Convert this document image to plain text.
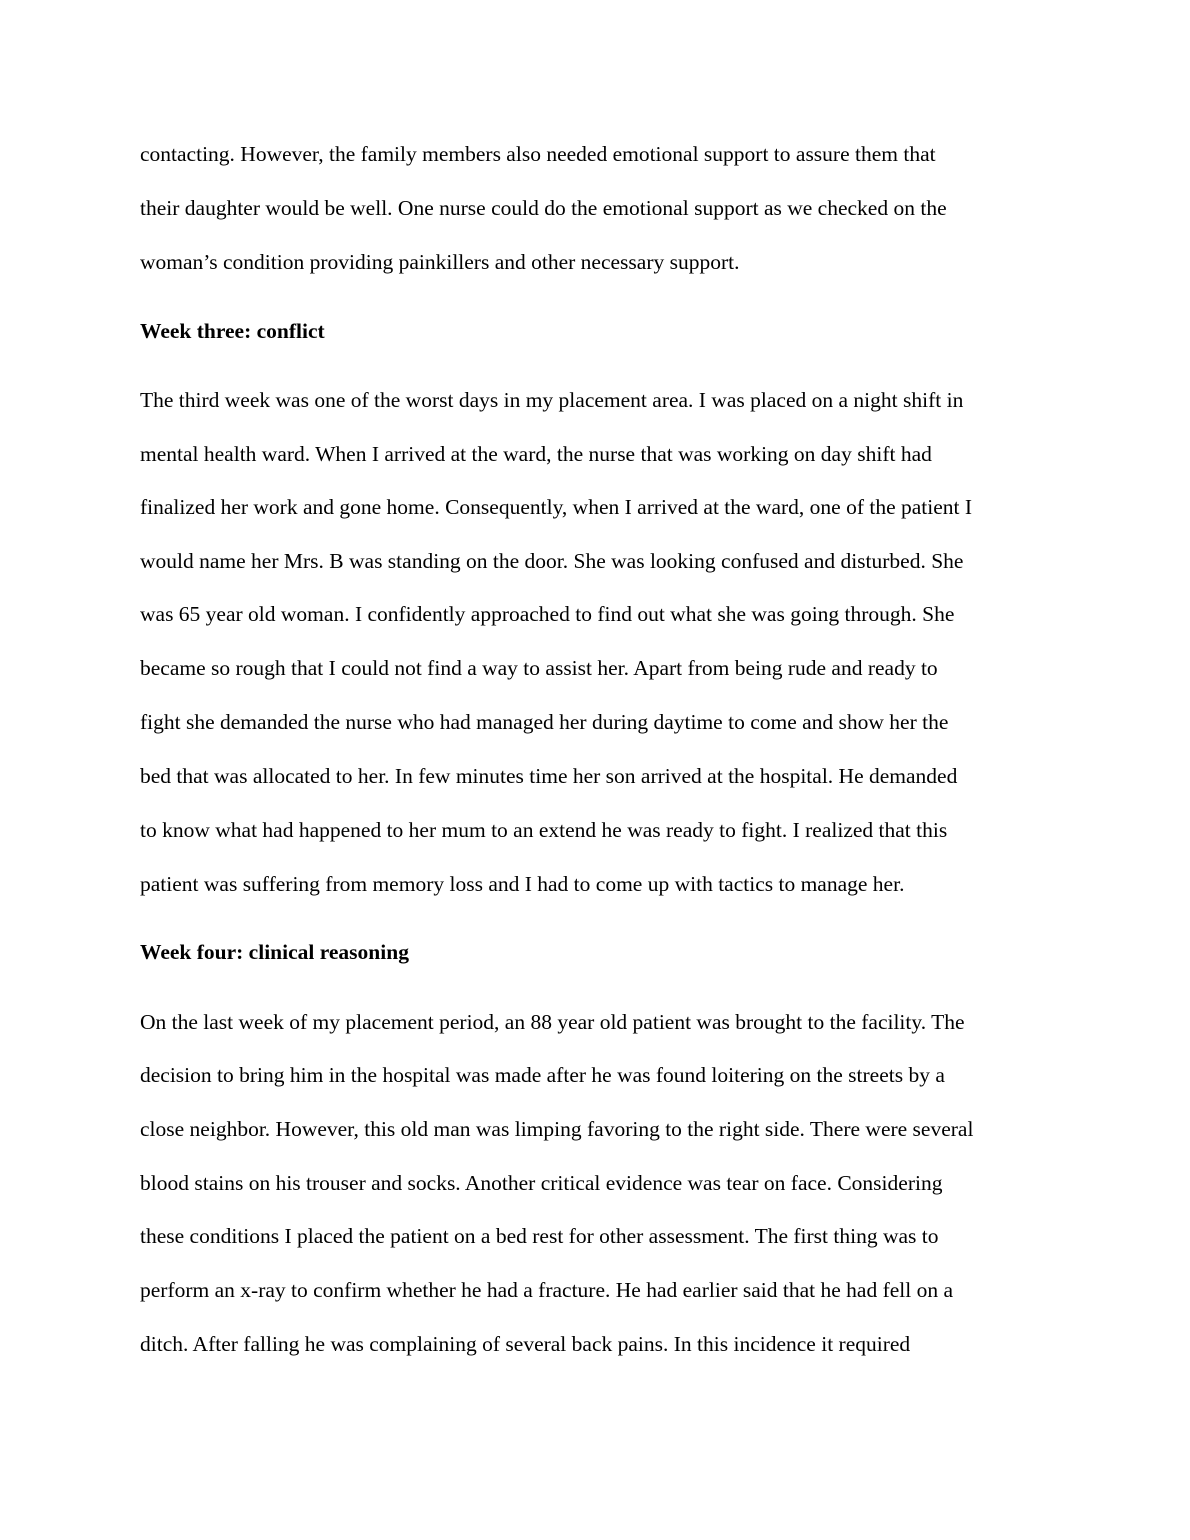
contacting. However, the family members also needed emotional support to assure them that
their daughter would be well. One nurse could do the emotional support as we checked on the
woman’s condition providing painkillers and other necessary support.
Week three: conflict
The third week was one of the worst days in my placement area. I was placed on a night shift in
mental health ward. When I arrived at the ward, the nurse that was working on day shift had
finalized her work and gone home. Consequently, when I arrived at the ward, one of the patient I
would name her Mrs. B was standing on the door. She was looking confused and disturbed. She
was 65 year old woman. I confidently approached to find out what she was going through. She
became so rough that I could not find a way to assist her. Apart from being rude and ready to
fight she demanded the nurse who had managed her during daytime to come and show her the
bed that was allocated to her. In few minutes time her son arrived at the hospital. He demanded
to know what had happened to her mum to an extend he was ready to fight. I realized that this
patient was suffering from memory loss and I had to come up with tactics to manage her.
Week four: clinical reasoning
On the last week of my placement period, an 88 year old patient was brought to the facility. The
decision to bring him in the hospital was made after he was found loitering on the streets by a
close neighbor. However, this old man was limping favoring to the right side. There were several
blood stains on his trouser and socks. Another critical evidence was tear on face. Considering
these conditions I placed the patient on a bed rest for other assessment. The first thing was to
perform an x-ray to confirm whether he had a fracture. He had earlier said that he had fell on a
ditch. After falling he was complaining of several back pains. In this incidence it required
